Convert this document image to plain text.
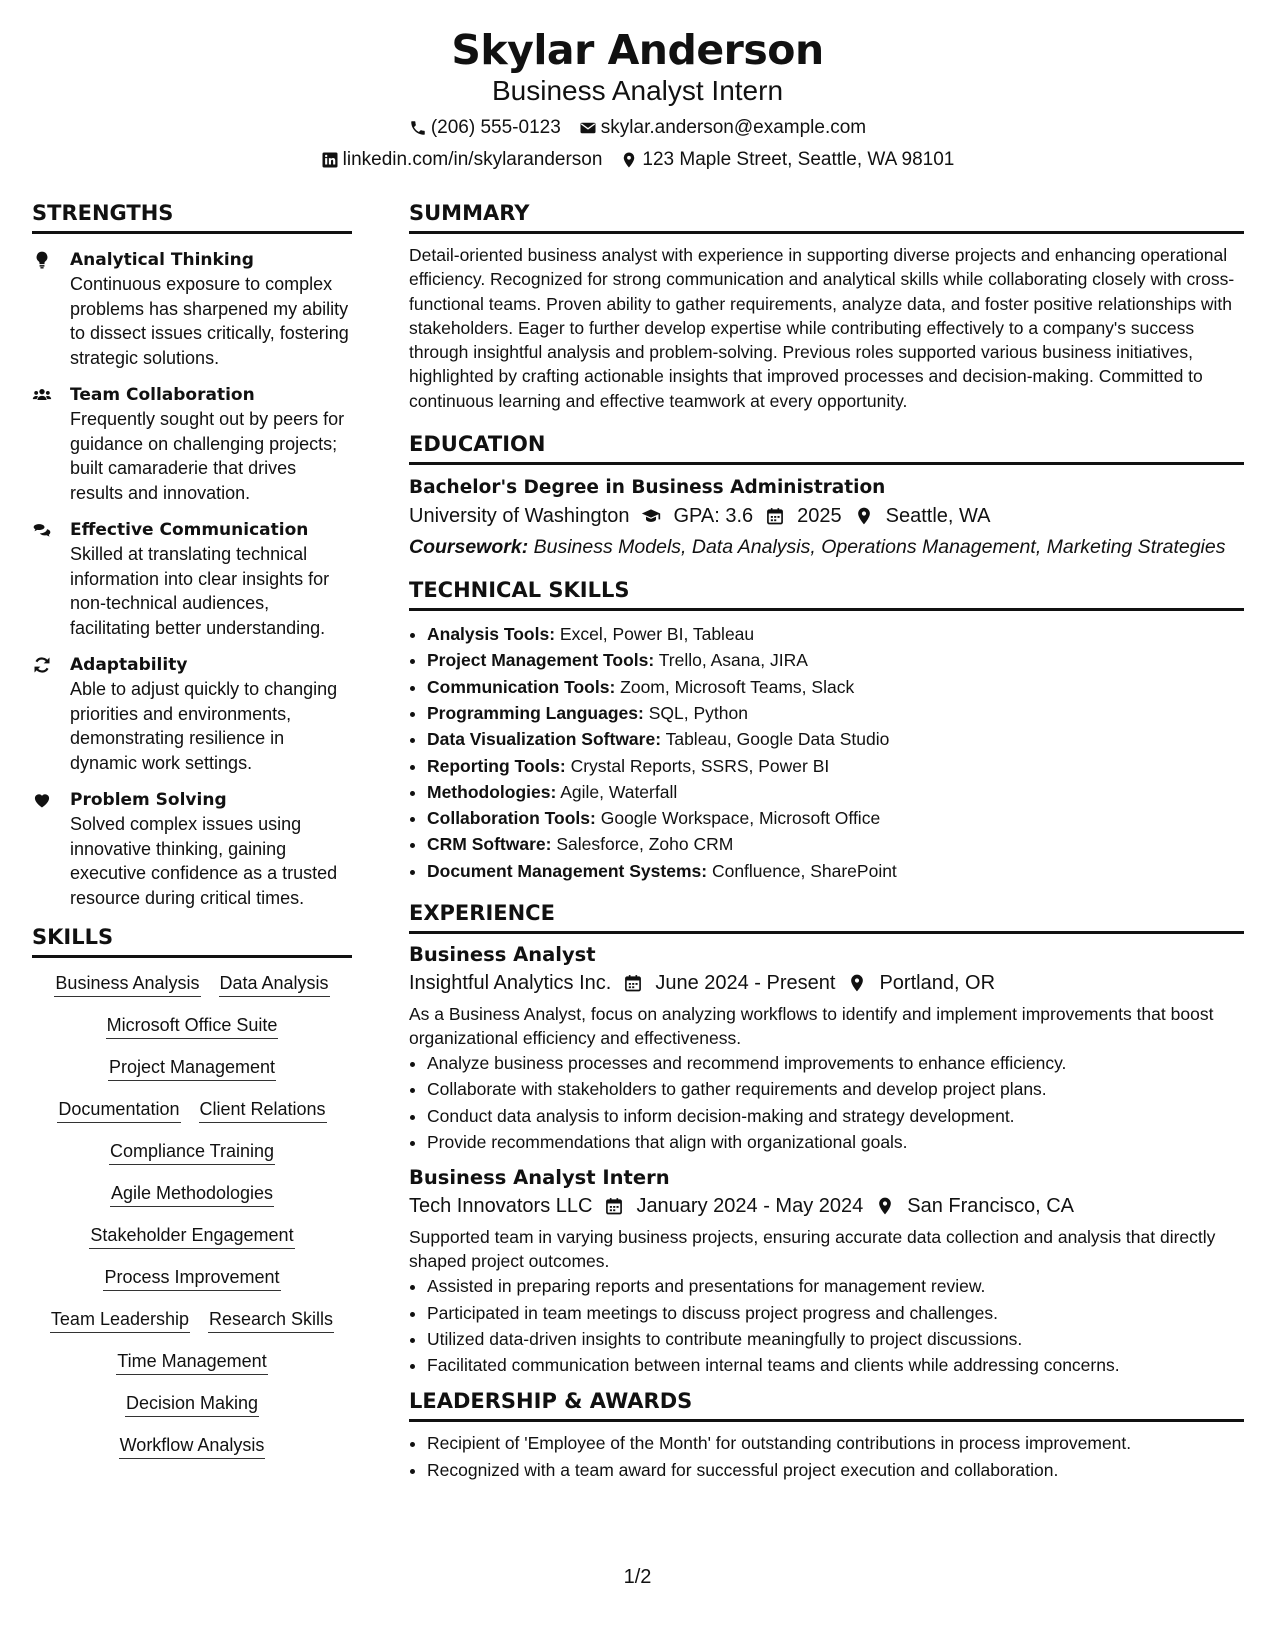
Skylar Anderson
Business Analyst Intern
(206) 555-0123 skylar.anderson@example.com
linkedin.com/in/skylaranderson 123 Maple Street, Seattle, WA 98101
STRENGTHS
Analytical Thinking
Continuous exposure to complex problems has sharpened my ability to dissect issues critically, fostering strategic solutions.
Team Collaboration
Frequently sought out by peers for guidance on challenging projects; built camaraderie that drives results and innovation.
Effective Communication
Skilled at translating technical information into clear insights for non-technical audiences, facilitating better understanding.
Adaptability
Able to adjust quickly to changing priorities and environments, demonstrating resilience in dynamic work settings.
Problem Solving
Solved complex issues using innovative thinking, gaining executive confidence as a trusted resource during critical times.
SKILLS
Business Analysis Data Analysis
Microsoft Office Suite
Project Management
Documentation Client Relations
Compliance Training
Agile Methodologies
Stakeholder Engagement
Process Improvement
Team Leadership Research Skills
Time Management
Decision Making
Workflow Analysis
SUMMARY
Detail-oriented business analyst with experience in supporting diverse projects and enhancing operational efficiency. Recognized for strong communication and analytical skills while collaborating closely with cross-functional teams. Proven ability to gather requirements, analyze data, and foster positive relationships with stakeholders. Eager to further develop expertise while contributing effectively to a company's success through insightful analysis and problem-solving. Previous roles supported various business initiatives, highlighted by crafting actionable insights that improved processes and decision-making. Committed to continuous learning and effective teamwork at every opportunity.
EDUCATION
Bachelor's Degree in Business Administration
University of Washington GPA: 3.6 2025 Seattle, WA
Coursework: Business Models, Data Analysis, Operations Management, Marketing Strategies
TECHNICAL SKILLS
• Analysis Tools: Excel, Power BI, Tableau
• Project Management Tools: Trello, Asana, JIRA
• Communication Tools: Zoom, Microsoft Teams, Slack
• Programming Languages: SQL, Python
• Data Visualization Software: Tableau, Google Data Studio
• Reporting Tools: Crystal Reports, SSRS, Power BI
• Methodologies: Agile, Waterfall
• Collaboration Tools: Google Workspace, Microsoft Office
• CRM Software: Salesforce, Zoho CRM
• Document Management Systems: Confluence, SharePoint
EXPERIENCE
Business Analyst
Insightful Analytics Inc. June 2024 - Present Portland, OR
As a Business Analyst, focus on analyzing workflows to identify and implement improvements that boost organizational efficiency and effectiveness.
• Analyze business processes and recommend improvements to enhance efficiency.
• Collaborate with stakeholders to gather requirements and develop project plans.
• Conduct data analysis to inform decision-making and strategy development.
• Provide recommendations that align with organizational goals.
Business Analyst Intern
Tech Innovators LLC January 2024 - May 2024 San Francisco, CA
Supported team in varying business projects, ensuring accurate data collection and analysis that directly shaped project outcomes.
• Assisted in preparing reports and presentations for management review.
• Participated in team meetings to discuss project progress and challenges.
• Utilized data-driven insights to contribute meaningfully to project discussions.
• Facilitated communication between internal teams and clients while addressing concerns.
LEADERSHIP & AWARDS
• Recipient of 'Employee of the Month' for outstanding contributions in process improvement.
• Recognized with a team award for successful project execution and collaboration.
1/2
